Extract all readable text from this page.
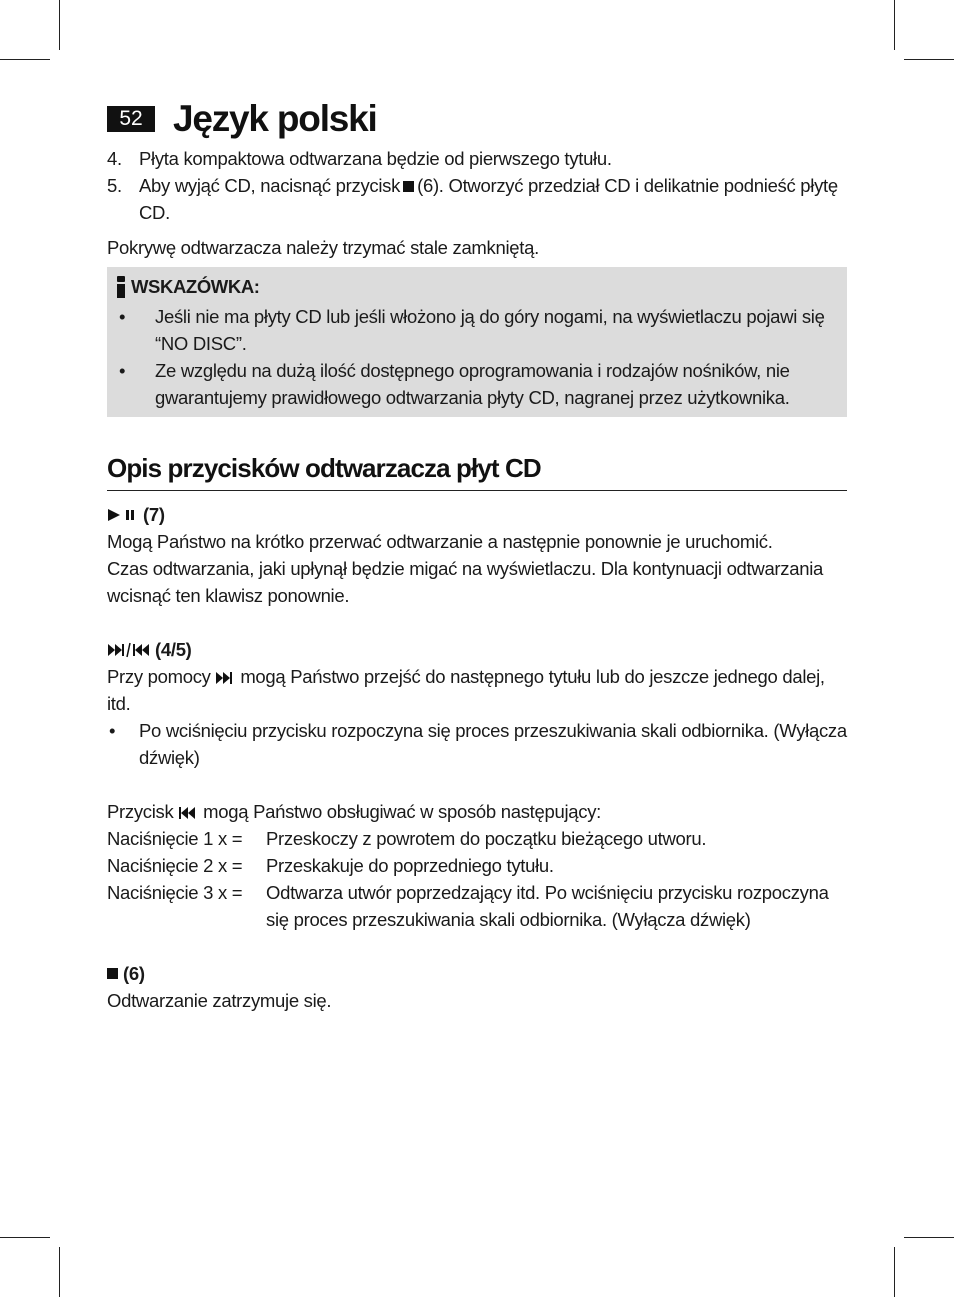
52 Język polski
4. Płyta kompaktowa odtwarzana będzie od pierwszego tytułu.
5. Aby wyjąć CD, nacisnąć przycisk (6). Otworzyć przedział CD i delikatnie podnieść płytę CD.
Pokrywę odtwarzacza należy trzymać stale zamkniętą.
WSKAZÓWKA:
•	Jeśli nie ma płyty CD lub jeśli włożono ją do góry nogami, na wyświetlaczu pojawi się “NO DISC”.
•	Ze względu na dużą ilość dostępnego oprogramowania i rodzajów nośników, nie gwarantujemy prawidłowego odtwarzania płyty CD, nagranej przez użytkownika.
Opis przycisków odtwarzacza płyt CD
(7)
Mogą Państwo na krótko przerwać odtwarzanie a następnie ponownie je uruchomić.
Czas odtwarzania, jaki upłynął będzie migać na wyświetlaczu. Dla kontynuacji odtwarzania wcisnąć ten klawisz ponownie.
(4/5)
Przy pomocy mogą Państwo przejść do następnego tytułu lub do jeszcze jednego dalej, itd.
•	Po wciśnięciu przycisku rozpoczyna się proces przeszukiwania skali odbiornika. (Wyłącza dźwięk)
Przycisk mogą Państwo obsługiwać w sposób następujący:
Naciśnięcie 1 x =	Przeskoczy z powrotem do początku bieżącego utworu.
Naciśnięcie 2 x =	Przeskakuje do poprzedniego tytułu.
Naciśnięcie 3 x =	Odtwarza utwór poprzedzający itd. Po wciśnięciu przycisku rozpoczyna się proces przeszukiwania skali odbiornika. (Wyłącza dźwięk)
(6)
Odtwarzanie zatrzymuje się.
